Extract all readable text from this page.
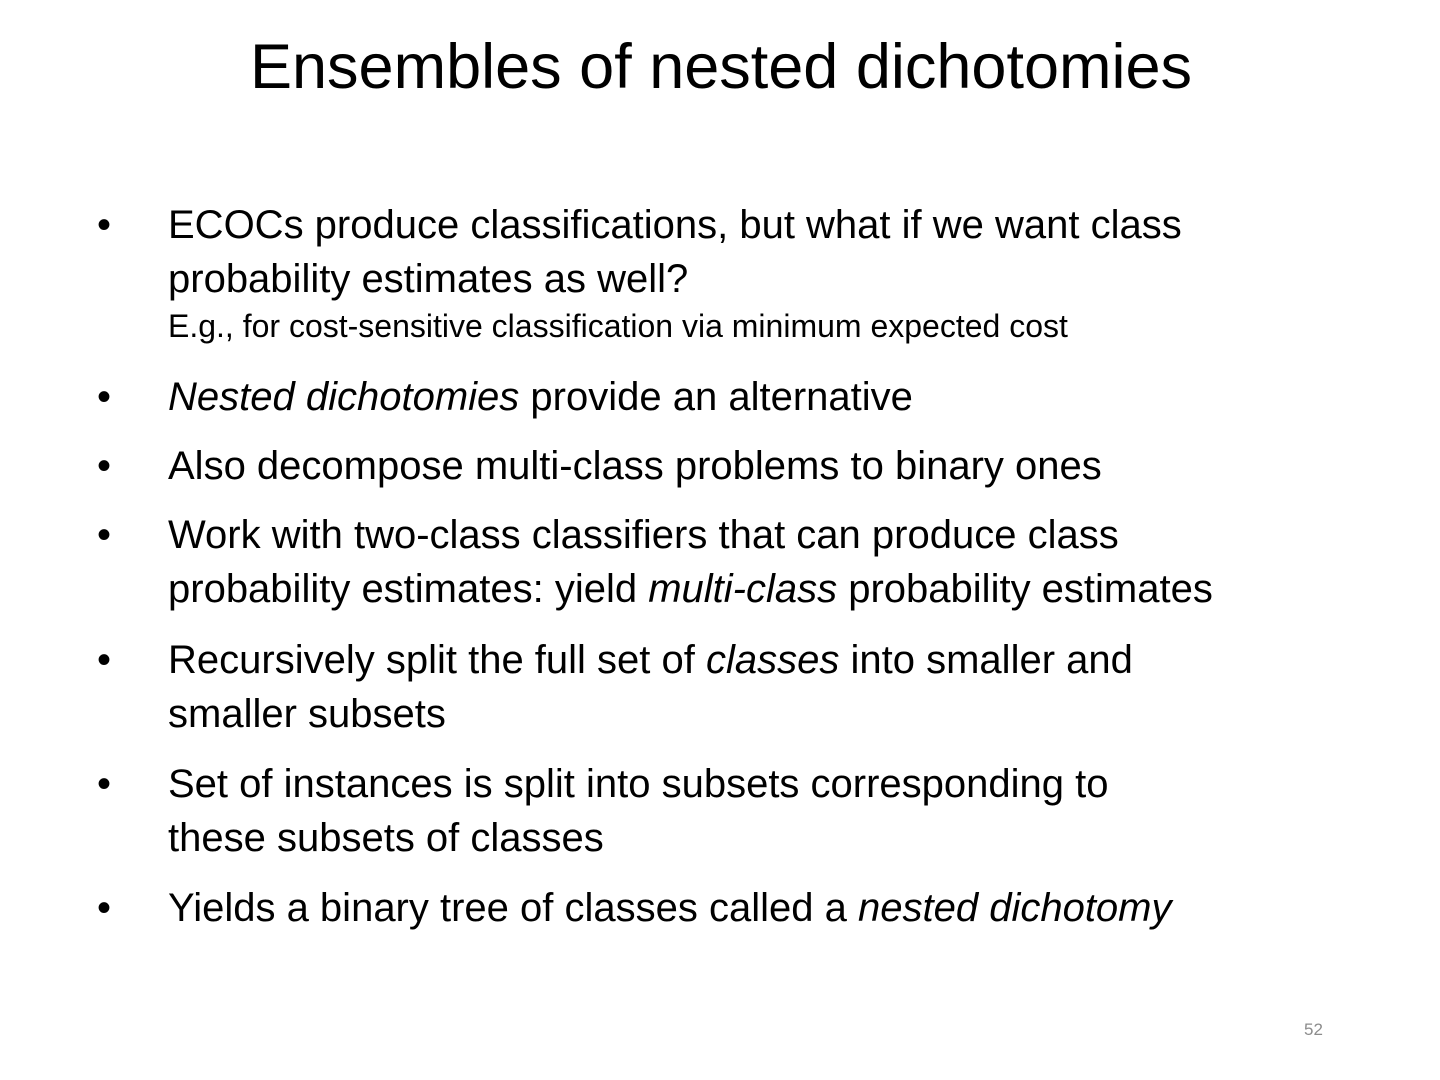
Ensembles of nested dichotomies
• ECOCs produce classifications, but what if we want class
probability estimates as well?
E.g., for cost-sensitive classification via minimum expected cost
• Nested dichotomies provide an alternative
• Also decompose multi-class problems to binary ones
• Work with two-class classifiers that can produce class
probability estimates: yield multi-class probability estimates
• Recursively split the full set of classes into smaller and
smaller subsets
• Set of instances is split into subsets corresponding to
these subsets of classes
• Yields a binary tree of classes called a nested dichotomy
52
